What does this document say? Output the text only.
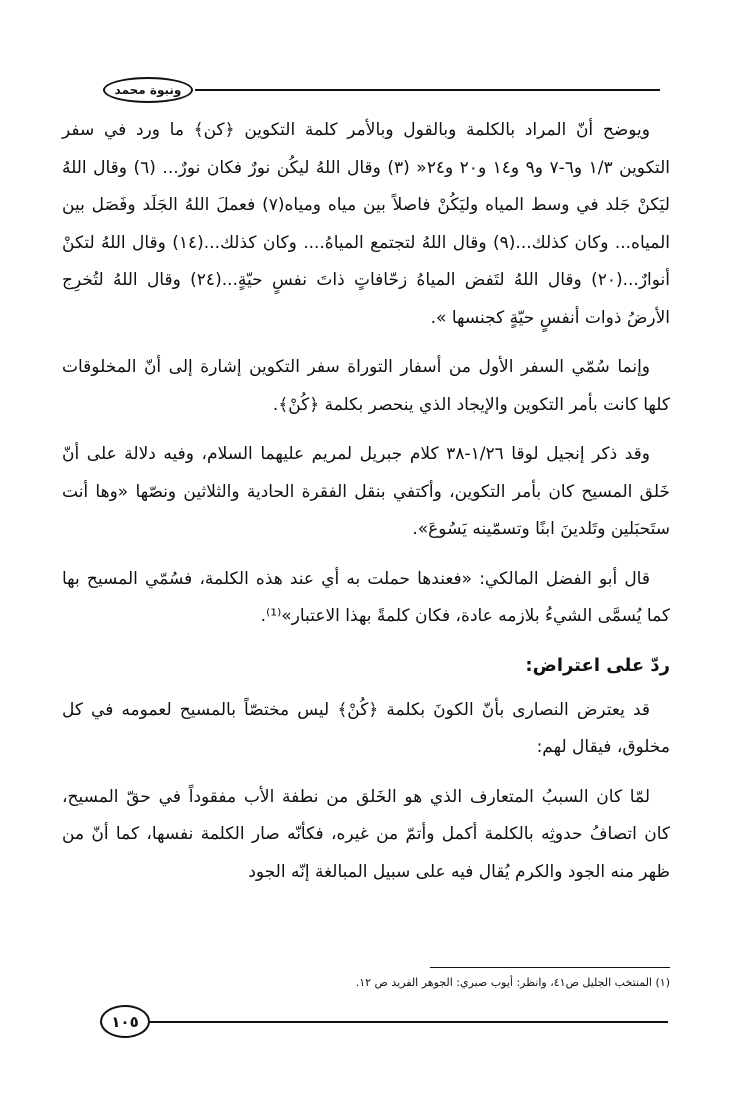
ونبوة محمد

ويوضح أنّ المراد بالكلمة وبالقول وبالأمر كلمة التكوين ﴿كن﴾ ما ورد في سفر التكوين ١/٣ و٦-٧ و٩ و١٤ و٢٠ و٢٤« (٣) وقال اللهُ ليكُن نورٌ فكان نورٌ... (٦) وقال اللهُ ليَكنْ جَلد في وسط المياه وليَكُنْ فاصلاً بين مياه ومياه(٧) فعملَ اللهُ الجَلَد وفَصَل بين المياه... وكان كذلك...(٩) وقال اللهُ لتجتمع المياهُ.... وكان كذلك...(١٤) وقال اللهُ لتكنْ أنوارٌ...(٢٠) وقال اللهُ لتَفض المياهُ زحّافاتٍ ذاتَ نفسٍ حيّةٍ...(٢٤) وقال اللهُ لتُخرِج الأرضُ ذوات أنفسٍ حيّةٍ كجنسها ».

وإنما سُمّي السفر الأول من أسفار التوراة سفر التكوين إشارة إلى أنّ المخلوقات كلها كانت بأمر التكوين والإيجاد الذي ينحصر بكلمة ﴿كُنْ﴾.

وقد ذكر إنجيل لوقا ١/٢٦-٣٨ كلام جبريل لمريم عليهما السلام، وفيه دلالة على أنّ خَلق المسيح كان بأمر التكوين، وأكتفي بنقل الفقرة الحادية والثلاثين ونصّها «وها أنت ستَحبَلين وتَلدينَ ابنًا وتسمّينه يَسُوعَ».

قال أبو الفضل المالكي: «فعندها حملت به أي عند هذه الكلمة، فسُمّي المسيح بها كما يُسمَّى الشيءُ بلازمه عادة، فكان كلمةً بهذا الاعتبار»⁽¹⁾.

ردّ على اعتراض:

قد يعترض النصارى بأنّ الكونَ بكلمة ﴿كُنْ﴾ ليس مختصّاً بالمسيح لعمومه في كل مخلوق، فيقال لهم:

لمّا كان السببُ المتعارف الذي هو الخَلق من نطفة الأب مفقوداً في حقّ المسيح، كان اتصافُ حدوثِه بالكلمة أكمل وأتمّ من غيره، فكأنّه صار الكلمة نفسها، كما أنّ من ظهر منه الجود والكرم يُقال فيه على سبيل المبالغة إنّه الجود

(١) المنتخب الجليل ص٤١، وانظر: أيوب صبري: الجوهر الفريد ص ١٢.
١٠٥
